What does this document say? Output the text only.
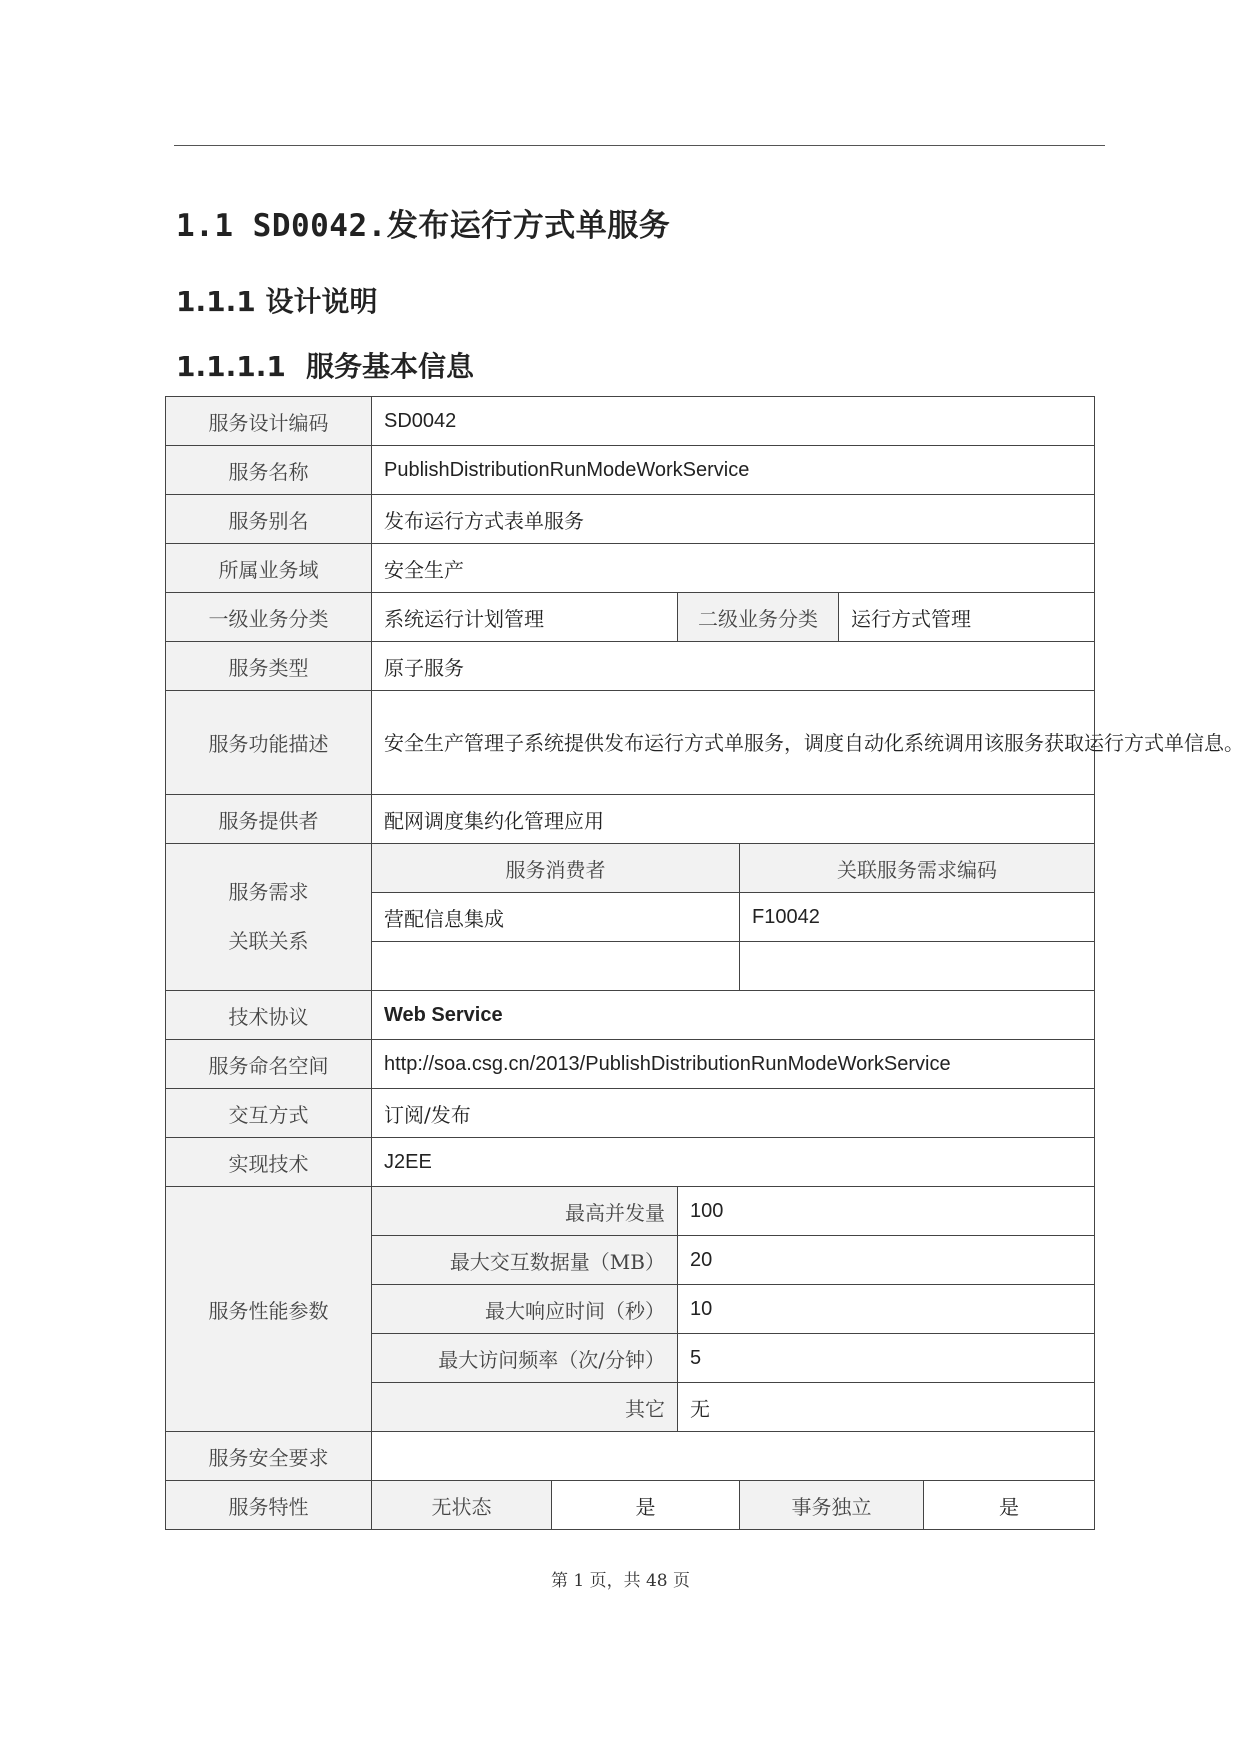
1.1 SD0042.发布运行方式单服务
1.1.1 设计说明
1.1.1.1 服务基本信息
服务设计编码	SD0042					
服务名称	PublishDistributionRunModeWorkService					
服务别名	发布运行方式表单服务					
所属业务域	安全生产					
一级业务分类	系统运行计划管理		二级业务分类		运行方式管理	
服务类型	原子服务					
服务功能描述	安全生产管理子系统提供发布运行方式单服务，调度自动化系统调用该服务获取运行方式单信息。					
服务提供者	配网调度集约化管理应用					

服务需求
关联关系	服务消费者			关联服务需求编码		
	营配信息集成			F10042		

技术协议	Web Service					
服务命名空间	http://soa.csg.cn/2013/PublishDistributionRunModeWorkService					
交互方式	订阅/发布					
实现技术	J2EE					
服务性能参数	最高并发量		100			
	最大交互数据量（MB）		20			
	最大响应时间（秒）		10			
	最大访问频率（次/分钟）		5			
	其它		无			
服务安全要求						
服务特性	无状态	是		事务独立		是
第 1 页，共 48 页
